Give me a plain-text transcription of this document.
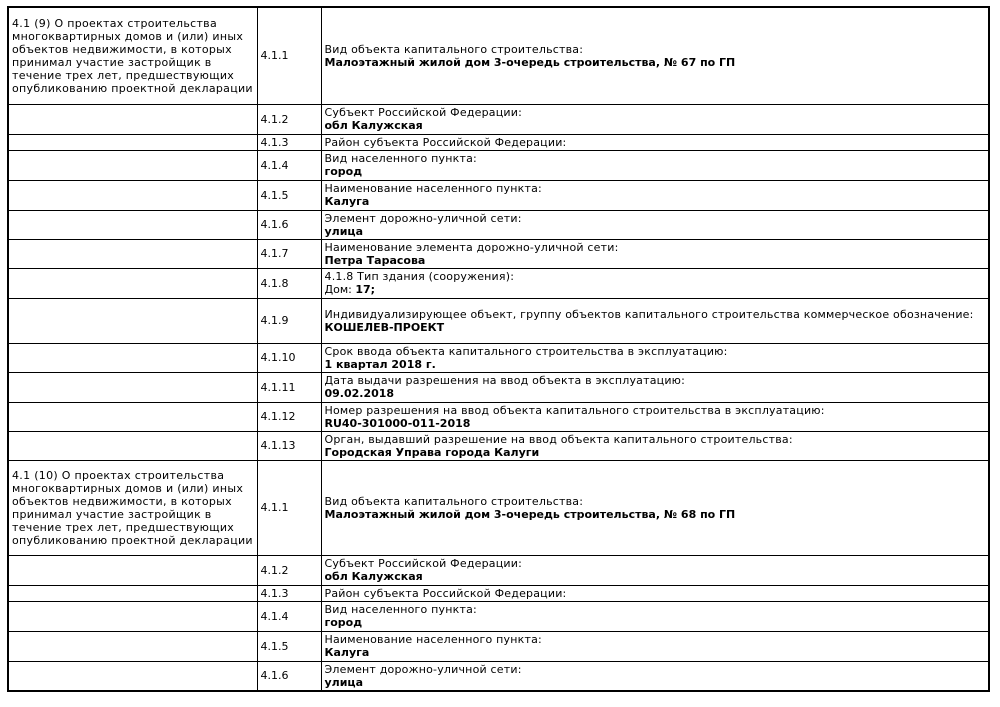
4.1 (9) О проектах строительства многоквартирных домов и (или) иных объектов недвижимости, в которых принимал участие застройщик в течение трех лет, предшествующих опубликованию проектной декларации	4.1.1	Вид объекта капитального строительства:
Малоэтажный жилой дом 3-очередь строительства, № 67 по ГП

	4.1.2	Субъект Российской Федерации:
обл Калужская

	4.1.3	Район субъекта Российской Федерации:

	4.1.4	Вид населенного пункта:
город

	4.1.5	Наименование населенного пункта:
Калуга

	4.1.6	Элемент дорожно-уличной сети:
улица

	4.1.7	Наименование элемента дорожно-уличной сети:
Петра Тарасова

	4.1.8	4.1.8 Тип здания (сооружения):
Дом: 17;

	4.1.9	Индивидуализирующее объект, группу объектов капитального строительства коммерческое обозначение:
КОШЕЛЕВ-ПРОЕКТ

	4.1.10	Срок ввода объекта капитального строительства в эксплуатацию:
1 квартал 2018 г.

	4.1.11	Дата выдачи разрешения на ввод объекта в эксплуатацию:
09.02.2018

	4.1.12	Номер разрешения на ввод объекта капитального строительства в эксплуатацию:
RU40-301000-011-2018

	4.1.13	Орган, выдавший разрешение на ввод объекта капитального строительства:
Городская Управа города Калуги

4.1 (10) О проектах строительства многоквартирных домов и (или) иных объектов недвижимости, в которых принимал участие застройщик в течение трех лет, предшествующих опубликованию проектной декларации	4.1.1	Вид объекта капитального строительства:
Малоэтажный жилой дом 3-очередь строительства, № 68 по ГП

	4.1.2	Субъект Российской Федерации:
обл Калужская

	4.1.3	Район субъекта Российской Федерации:

	4.1.4	Вид населенного пункта:
город

	4.1.5	Наименование населенного пункта:
Калуга

	4.1.6	Элемент дорожно-уличной сети:
улица
